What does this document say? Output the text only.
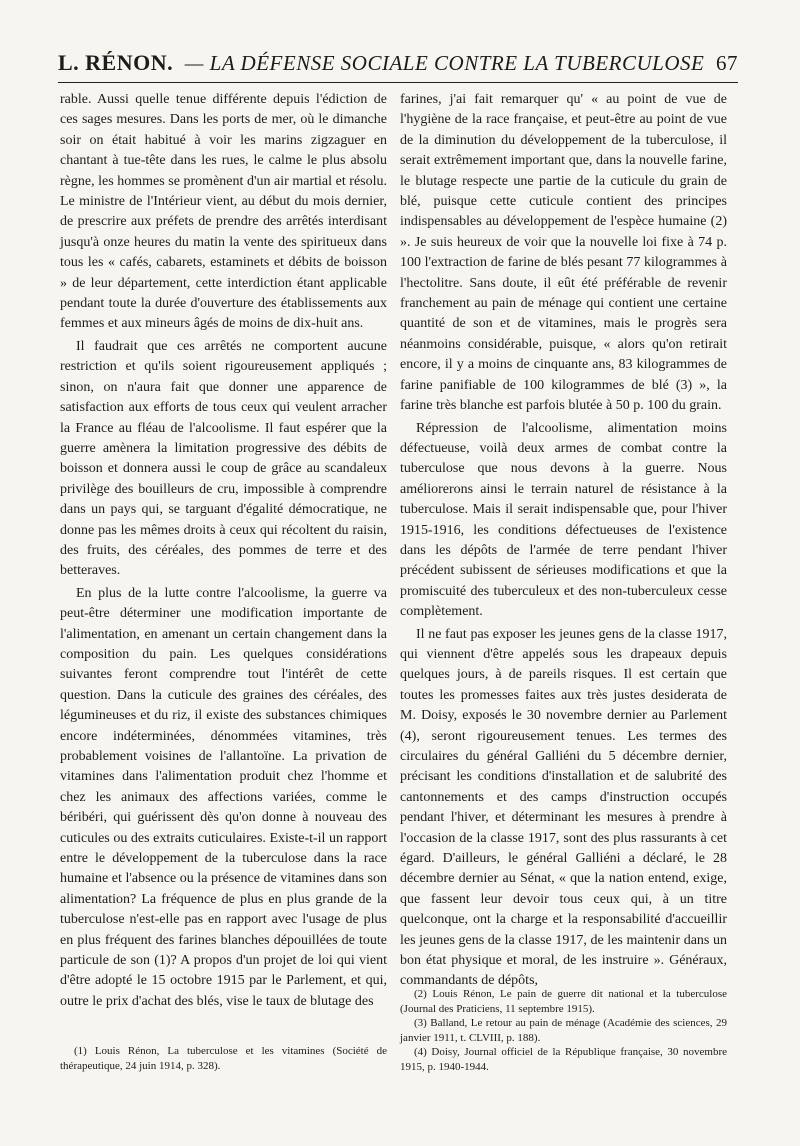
L. RÉNON. — LA DÉFENSE SOCIALE CONTRE LA TUBERCULOSE 67

rable. Aussi quelle tenue différente depuis l'édiction de ces sages mesures. Dans les ports de mer, où le dimanche soir on était habitué à voir les marins zigzaguer en chantant à tue-tête dans les rues, le calme le plus absolu règne, les hommes se promènent d'un air martial et résolu. Le ministre de l'Intérieur vient, au début du mois dernier, de prescrire aux préfets de prendre des arrêtés interdisant jusqu'à onze heures du matin la vente des spiritueux dans tous les « cafés, cabarets, estaminets et débits de boisson » de leur département, cette interdiction étant applicable pendant toute la durée d'ouverture des établissements aux femmes et aux mineurs âgés de moins de dix-huit ans.

Il faudrait que ces arrêtés ne comportent aucune restriction et qu'ils soient rigoureusement appliqués ; sinon, on n'aura fait que donner une apparence de satisfaction aux efforts de tous ceux qui veulent arracher la France au fléau de l'alcoolisme. Il faut espérer que la guerre amènera la limitation progressive des débits de boisson et donnera aussi le coup de grâce au scandaleux privilège des bouilleurs de cru, impossible à comprendre dans un pays qui, se targuant d'égalité démocratique, ne donne pas les mêmes droits à ceux qui récoltent du raisin, des fruits, des céréales, des pommes de terre et des betteraves.

En plus de la lutte contre l'alcoolisme, la guerre va peut-être déterminer une modification importante de l'alimentation, en amenant un certain changement dans la composition du pain. Les quelques considérations suivantes feront comprendre tout l'intérêt de cette question. Dans la cuticule des graines des céréales, des légumineuses et du riz, il existe des substances chimiques encore indéterminées, dénommées vitamines, très probablement voisines de l'allantoïne. La privation de vitamines dans l'alimentation produit chez l'homme et chez les animaux des affections variées, comme le béribéri, qui guérissent dès qu'on donne à nouveau des cuticules ou des extraits cuticulaires. Existe-t-il un rapport entre le développement de la tuberculose dans la race humaine et l'absence ou la présence de vitamines dans son alimentation? La fréquence de plus en plus grande de la tuberculose n'est-elle pas en rapport avec l'usage de plus en plus fréquent des farines blanches dépouillées de toute particule de son (1)? A propos d'un projet de loi qui vient d'être adopté le 15 octobre 1915 par le Parlement, et qui, outre le prix d'achat des blés, vise le taux de blutage des

farines, j'ai fait remarquer qu' « au point de vue de l'hygiène de la race française, et peut-être au point de vue de la diminution du développement de la tuberculose, il serait extrêmement important que, dans la nouvelle farine, le blutage respecte une partie de la cuticule du grain de blé, puisque cette cuticule contient des principes indispensables au développement de l'espèce humaine (2) ». Je suis heureux de voir que la nouvelle loi fixe à 74 p. 100 l'extraction de farine de blés pesant 77 kilogrammes à l'hectolitre. Sans doute, il eût été préférable de revenir franchement au pain de ménage qui contient une certaine quantité de son et de vitamines, mais le progrès sera néanmoins considérable, puisque, « alors qu'on retirait encore, il y a moins de cinquante ans, 83 kilogrammes de farine panifiable de 100 kilogrammes de blé (3) », la farine très blanche est parfois blutée à 50 p. 100 du grain.

Répression de l'alcoolisme, alimentation moins défectueuse, voilà deux armes de combat contre la tuberculose que nous devons à la guerre. Nous améliorerons ainsi le terrain naturel de résistance à la tuberculose. Mais il serait indispensable que, pour l'hiver 1915-1916, les conditions défectueuses de l'existence dans les dépôts de l'armée de terre pendant l'hiver précédent subissent de sérieuses modifications et que la promiscuité des tuberculeux et des non-tuberculeux cesse complètement.

Il ne faut pas exposer les jeunes gens de la classe 1917, qui viennent d'être appelés sous les drapeaux depuis quelques jours, à de pareils risques. Il est certain que toutes les promesses faites aux très justes desiderata de M. Doisy, exposés le 30 novembre dernier au Parlement (4), seront rigoureusement tenues. Les termes des circulaires du général Galliéni du 5 décembre dernier, précisant les conditions d'installation et de salubrité des cantonnements et des camps d'instruction occupés pendant l'hiver, et déterminant les mesures à prendre à l'occasion de la classe 1917, sont des plus rassurants à cet égard. D'ailleurs, le général Galliéni a déclaré, le 28 décembre dernier au Sénat, « que la nation entend, exige, que fassent leur devoir tous ceux qui, à un titre quelconque, ont la charge et la responsabilité d'accueillir les jeunes gens de la classe 1917, de les maintenir dans un bon état physique et moral, de les instruire ». Généraux, commandants de dépôts,

(1) Louis Rénon, La tuberculose et les vitamines (Société de thérapeutique, 24 juin 1914, p. 328).

(2) Louis Rénon, Le pain de guerre dit national et la tuberculose (Journal des Praticiens, 11 septembre 1915).

(3) Balland, Le retour au pain de ménage (Académie des sciences, 29 janvier 1911, t. CLVIII, p. 188).

(4) Doisy, Journal officiel de la République française, 30 novembre 1915, p. 1940-1944.
